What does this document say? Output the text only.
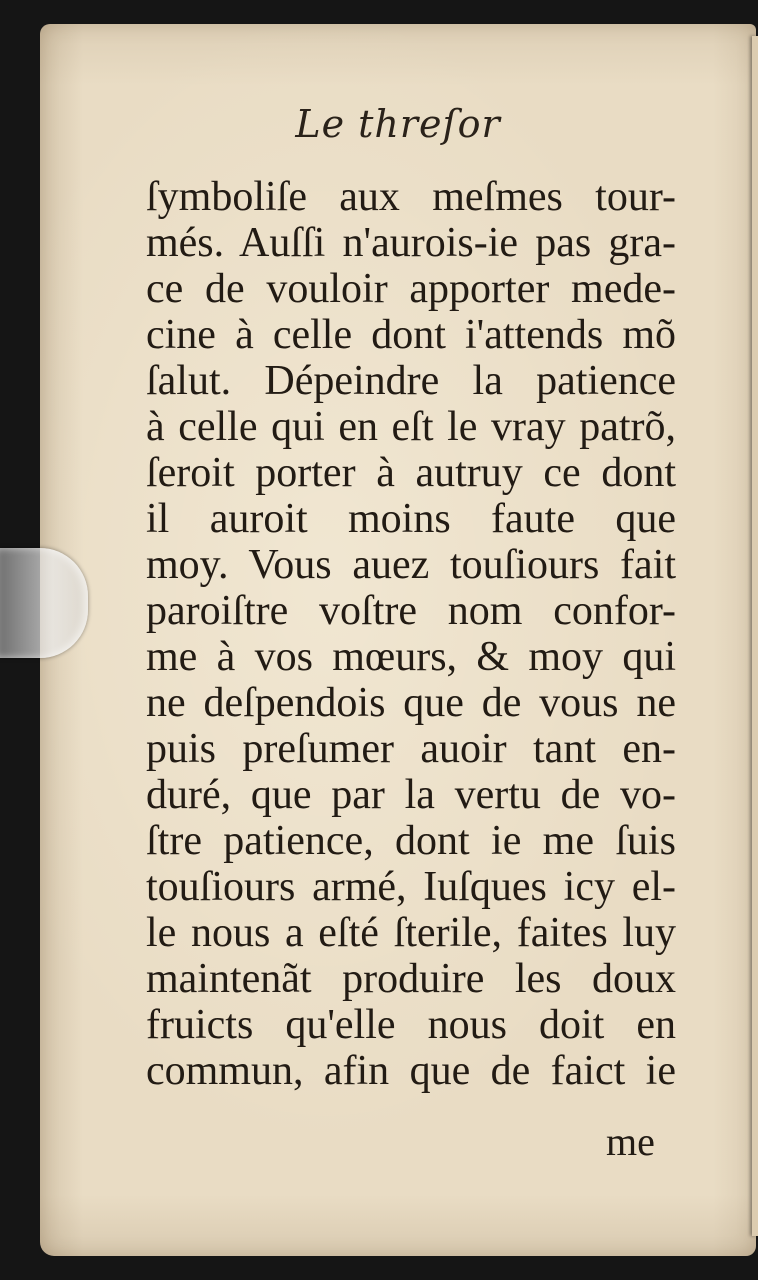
Le threſor
ſymboliſe aux meſmes tour-
més. Auſſi n'aurois-ie pas gra-
ce de vouloir apporter mede-
cine à celle dont i'attends mõ
ſalut. Dépeindre la patience
à celle qui en eſt le vray patrõ,
ſeroit porter à autruy ce dont
il auroit moins faute que
moy. Vous auez touſiours fait
paroiſtre voſtre nom confor-
me à vos mœurs, & moy qui
ne deſpendois que de vous ne
puis preſumer auoir tant en-
duré, que par la vertu de vo-
ſtre patience, dont ie me ſuis
touſiours armé, Iuſques icy el-
le nous a eſté ſterile, faites luy
maintenãt produire les doux
fruicts qu'elle nous doit en
commun, afin que de faict ie
me
